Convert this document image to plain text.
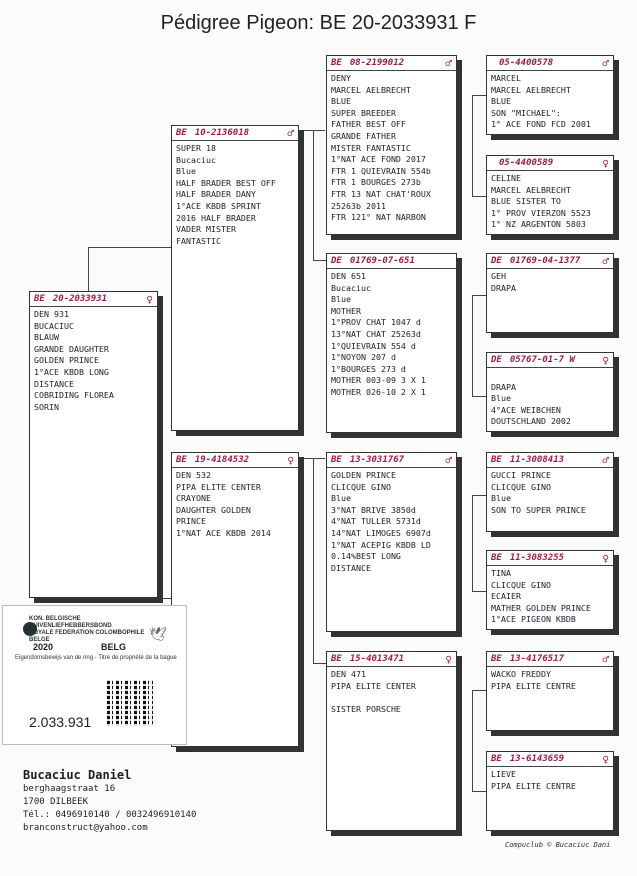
Pédigree Pigeon: BE 20-2033931 F
BE 20-2033931	♀
DEN 931
BUCACIUC
BLAUW
GRANDE DAUGHTER
GOLDEN PRINCE
1°ACE KBDB LONG
DISTANCE
COBRIDING FLOREA
SORIN
BE 10-2136018	♂
SUPER 18
Bucaciuc
Blue
HALF BRADER BEST OFF
HALF BRADER DANY
1°ACE KBDB SPRINT
2016 HALF BRADER
VADER MISTER
FANTASTIC
BE 19-4184532	♀
DEN 532
PIPA ELITE CENTER
CRAYONE
DAUGHTER GOLDEN
PRINCE
1°NAT ACE KBDB 2014
BE 08-2199012	♂
DENY
MARCEL AELBRECHT
BLUE
SUPER BREEDER
FATHER BEST OFF
GRANDE FATHER
MISTER FANTASTIC
1°NAT ACE FOND 2017
FTR 1 QUIEVRAIN 554b
FTR 1 BOURGES 273b
FTR 13 NAT CHAT'ROUX
25263b 2011
FTR 121° NAT NARBON
DE 01769-07-651
DEN 651
Bucaciuc
Blue
MOTHER
1°PROV CHAT 1047 d
13°NAT CHAT 25263d
1°QUIEVRAIN 554 d
1°NOYON 207 d
1°BOURGES 273 d
MOTHER 003-09 3 X 1
MOTHER 026-10 2 X 1
BE 13-3031767	♂
GOLDEN PRINCE
CLICQUE GINO
Blue
3°NAT BRIVE 3850d
4°NAT TULLER 5731d
14°NAT LIMOGES 6907d
1°NAT ACEPIG KBDB LD
0.14%BEST LONG
DISTANCE
BE 15-4013471	♀
DEN 471
PIPA ELITE CENTER

SISTER PORSCHE
05-4400578	♂
MARCEL
MARCEL AELBRECHT
BLUE
SON "MICHAEL":
1° ACE FOND FCD 2001
05-4400589	♀
CELINE
MARCEL AELBRECHT
BLUE SISTER TO
1° PROV VIERZON 5523
1° NZ ARGENTON 5803
DE 01769-04-1377 ♂
GEH
DRAPA
DE 05767-01-7 W	♀

DRAPA
Blue
4°ACE WEIBCHEN
DOUTSCHLAND 2002
BE 11-3008413	♂
GUCCI PRINCE
CLICQUE GINO
Blue
SON TO SUPER PRINCE
BE 11-3083255	♀
TINA
CLICQUE GINO
ECAIER
MATHER GOLDEN PRINCE
1°ACE PIGEON KBDB
BE 13-4176517	♂
WACKO FREDDY
PIPA ELITE CENTRE
BE 13-6143659	♀
LIEVE
PIPA ELITE CENTRE
KON. BELGISCHE DUIVENLIEFHEBBERSBOND
ROYALE FEDERATION COLOMBOPHILE BELGE	🕊
2020	BELG
Eigendomsbewijs van de ring - Titre de propriété de la bague
2.033.931
Bucaciuc Daniel
berghaagstraat 16
1700 DILBEEK
Tél.: 0496910140 / 0032496910140
branconstruct@yahoo.com
Compuclub © Bucaciuc Dani
